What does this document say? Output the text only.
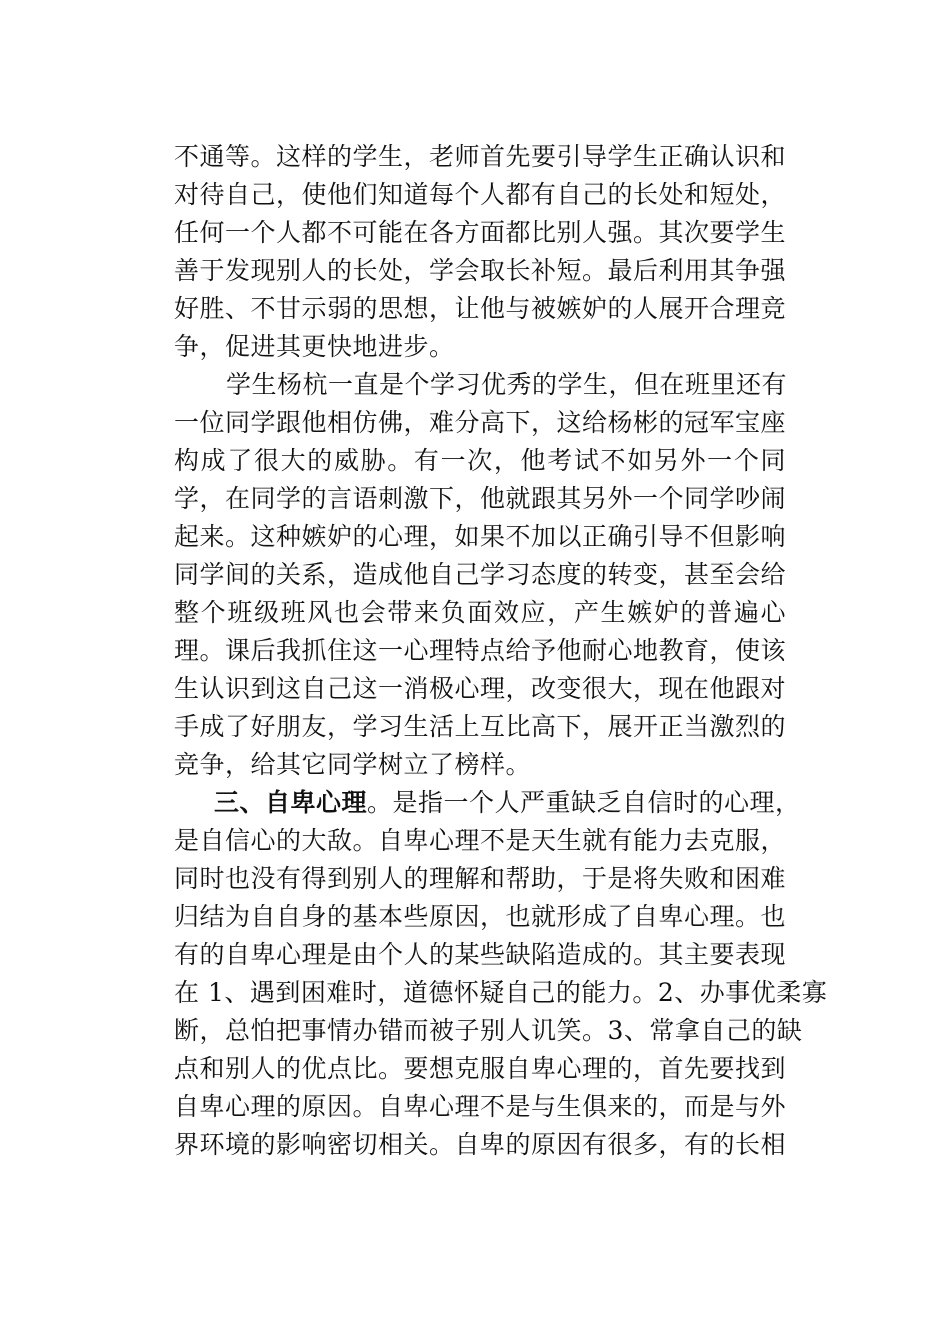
不通等。这样的学生，老师首先要引导学生正确认识和
对待自己，使他们知道每个人都有自己的长处和短处，
任何一个人都不可能在各方面都比别人强。其次要学生
善于发现别人的长处，学会取长补短。最后利用其争强
好胜、不甘示弱的思想，让他与被嫉妒的人展开合理竞
争，促进其更快地进步。
学生杨杭一直是个学习优秀的学生，但在班里还有
一位同学跟他相仿佛，难分高下，这给杨彬的冠军宝座
构成了很大的威胁。有一次，他考试不如另外一个同
学，在同学的言语刺激下，他就跟其另外一个同学吵闹
起来。这种嫉妒的心理，如果不加以正确引导不但影响
同学间的关系，造成他自己学习态度的转变，甚至会给
整个班级班风也会带来负面效应，产生嫉妒的普遍心
理。课后我抓住这一心理特点给予他耐心地教育，使该
生认识到这自己这一消极心理，改变很大，现在他跟对
手成了好朋友，学习生活上互比高下，展开正当激烈的
竞争，给其它同学树立了榜样。
三、自卑心理。是指一个人严重缺乏自信时的心理，
是自信心的大敌。自卑心理不是天生就有能力去克服，
同时也没有得到别人的理解和帮助，于是将失败和困难
归结为自自身的基本些原因，也就形成了自卑心理。也
有的自卑心理是由个人的某些缺陷造成的。其主要表现
在 1、遇到困难时，道德怀疑自己的能力。2、办事优柔寡
断，总怕把事情办错而被子别人讥笑。3、常拿自己的缺
点和别人的优点比。要想克服自卑心理的，首先要找到
自卑心理的原因。自卑心理不是与生俱来的，而是与外
界环境的影响密切相关。自卑的原因有很多，有的长相
